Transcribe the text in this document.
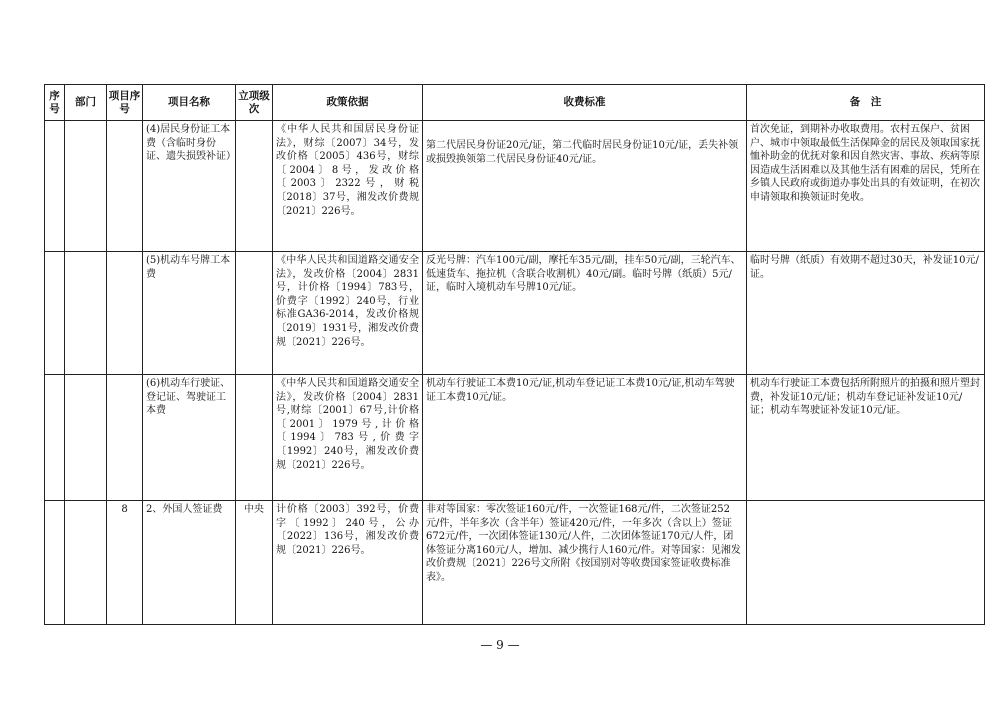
序号	部门	项目序号	项目名称	立项级次	政策依据	收费标准	备　注
			(4)居民身份证工本费（含临时身份证、遗失损毁补证）		《中华人民共和国居民身份证法》，财综〔2007〕34号，发改价格〔2005〕436号，财综〔2004〕8号，发改价格〔2003〕2322号，财税〔2018〕37号，湘发改价费规〔2021〕226号。	第二代居民身份证20元/证，第二代临时居民身份证10元/证，丢失补领或损毁换领第二代居民身份证40元/证。	首次免证，到期补办收取费用。农村五保户、贫困户、城市中领取最低生活保障金的居民及领取国家抚恤补助金的优抚对象和因自然灾害、事故、疾病等原因造成生活困难以及其他生活有困难的居民，凭所在乡镇人民政府或街道办事处出具的有效证明，在初次申请领取和换领证时免收。
			(5)机动车号牌工本费		《中华人民共和国道路交通安全法》，发改价格〔2004〕2831号，计价格〔1994〕783号，价费字〔1992〕240号，行业标准GA36-2014，发改价格规〔2019〕1931号，湘发改价费规〔2021〕226号。	反光号牌：汽车100元/副，摩托车35元/副，挂车50元/副，三轮汽车、低速货车、拖拉机（含联合收割机）40元/副。临时号牌（纸质）5元/证，临时入境机动车号牌10元/证。	临时号牌（纸质）有效期不超过30天，补发证10元/证。
			(6)机动车行驶证、登记证、驾驶证工本费		《中华人民共和国道路交通安全法》，发改价格〔2004〕2831号,财综〔2001〕67号,计价格〔2001〕1979号,计价格〔1994〕783号,价费字〔1992〕240号，湘发改价费规〔2021〕226号。	机动车行驶证工本费10元/证,机动车登记证工本费10元/证,机动车驾驶证工本费10元/证。	机动车行驶证工本费包括所附照片的拍摄和照片塑封费，补发证10元/证；机动车登记证补发证10元/证；机动车驾驶证补发证10元/证。
		8	2、外国人签证费	中央	计价格〔2003〕392号，价费字〔1992〕240号，公办〔2022〕136号，湘发改价费规〔2021〕226号。	非对等国家：零次签证160元/件，一次签证168元/件，二次签证252元/件，半年多次（含半年）签证420元/件，一年多次（含以上）签证672元/件，一次团体签证130元/人件，二次团体签证170元/人件，团体签证分离160元/人，增加、减少携行人160元/件。对等国家：见湘发改价费规〔2021〕226号文所附《按国别对等收费国家签证收费标准表》。	
— 9 —
